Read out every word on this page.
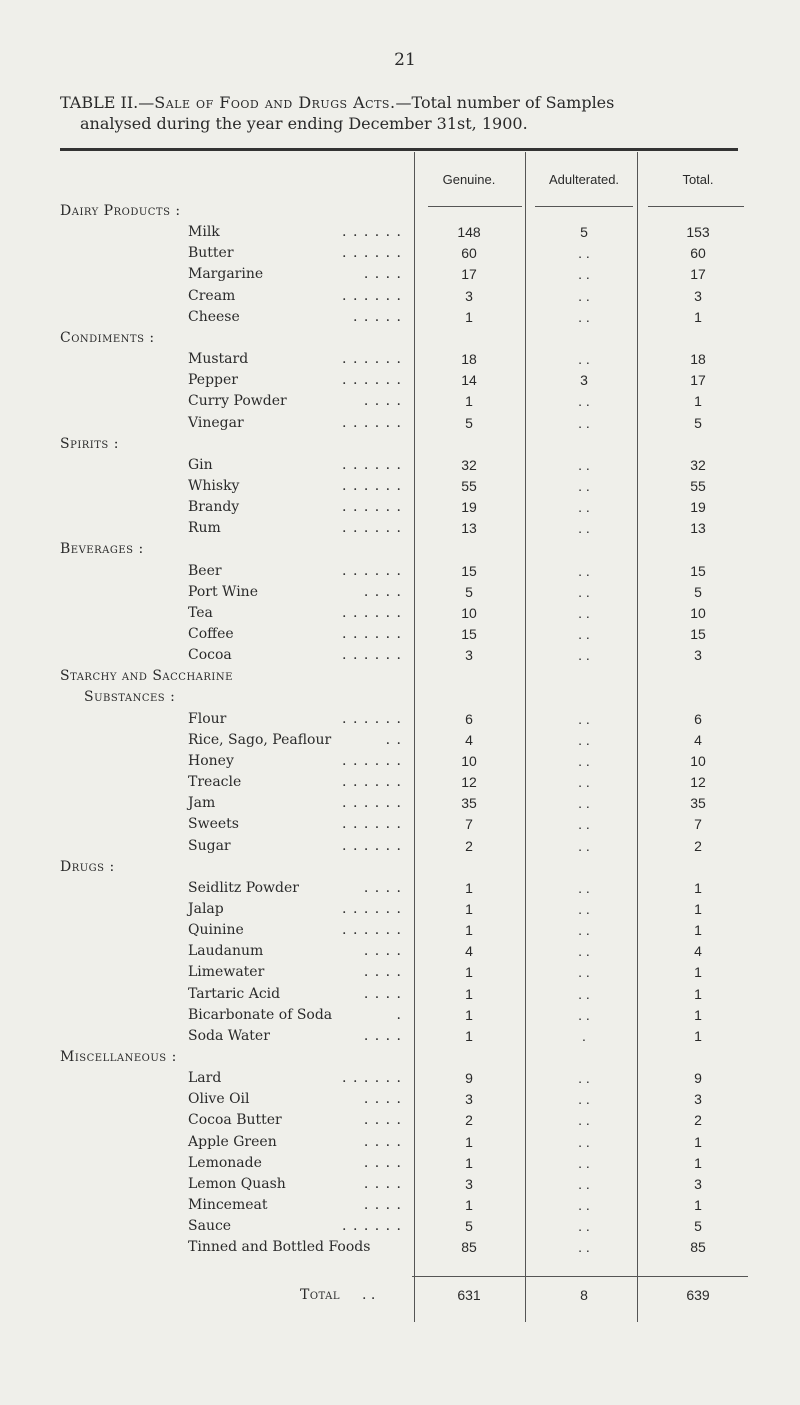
21
TABLE II.—Sale of Food and Drugs Acts.—Total number of Samples
analysed during the year ending December 31st, 1900.
Genuine.	Adulterated.	Total.
Dairy Products :
Milk	. . . . . .	148	5	153
Butter	. . . . . .	60	. .	60
Margarine	. . . .	17	. .	17
Cream	. . . . . .	3	. .	3
Cheese	. . . . .	1	. .	1
Condiments :
Mustard	. . . . . .	18	. .	18
Pepper	. . . . . .	14	3	17
Curry Powder	. . . .	1	. .	1
Vinegar	. . . . . .	5	. .	5
Spirits :
Gin	. . . . . .	32	. .	32
Whisky	. . . . . .	55	. .	55
Brandy	. . . . . .	19	. .	19
Rum	. . . . . .	13	. .	13
Beverages :
Beer	. . . . . .	15	. .	15
Port Wine	. . . .	5	. .	5
Tea	. . . . . .	10	. .	10
Coffee	. . . . . .	15	. .	15
Cocoa	. . . . . .	3	. .	3
Starchy and Saccharine
Substances :
Flour	. . . . . .	6	. .	6
Rice, Sago, Peaflour	. .	4	. .	4
Honey	. . . . . .	10	. .	10
Treacle	. . . . . .	12	. .	12
Jam	. . . . . .	35	. .	35
Sweets	. . . . . .	7	. .	7
Sugar	. . . . . .	2	. .	2
Drugs :
Seidlitz Powder	. . . .	1	. .	1
Jalap	. . . . . .	1	. .	1
Quinine	. . . . . .	1	. .	1
Laudanum	. . . .	4	. .	4
Limewater	. . . .	1	. .	1
Tartaric Acid	. . . .	1	. .	1
Bicarbonate of Soda	.	1	. .	1
Soda Water	. . . .	1	.	1
Miscellaneous :
Lard	. . . . . .	9	. .	9
Olive Oil	. . . .	3	. .	3
Cocoa Butter	. . . .	2	. .	2
Apple Green	. . . .	1	. .	1
Lemonade	. . . .	1	. .	1
Lemon Quash	. . . .	3	. .	3
Mincemeat	. . . .	1	. .	1
Sauce	. . . . . .	5	. .	5
Tinned and Bottled Foods	85	. .	85
Total . .	631	8	639
